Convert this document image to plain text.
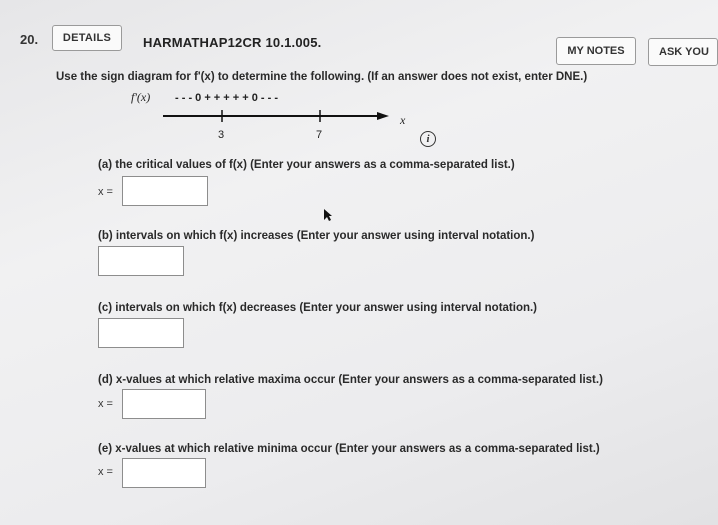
20.	DETAILS	HARMATHAP12CR 10.1.005.
MY NOTES	ASK YOU
Use the sign diagram for f'(x) to determine the following. (If an answer does not exist, enter DNE.)
f'(x) - - - 0 + + + + + 0 - - -
3	7
x
i
(a) the critical values of f(x) (Enter your answers as a comma-separated list.)
x =
(b) intervals on which f(x) increases (Enter your answer using interval notation.)
(c) intervals on which f(x) decreases (Enter your answer using interval notation.)
(d) x-values at which relative maxima occur (Enter your answers as a comma-separated list.)
x =
(e) x-values at which relative minima occur (Enter your answers as a comma-separated list.)
x =
